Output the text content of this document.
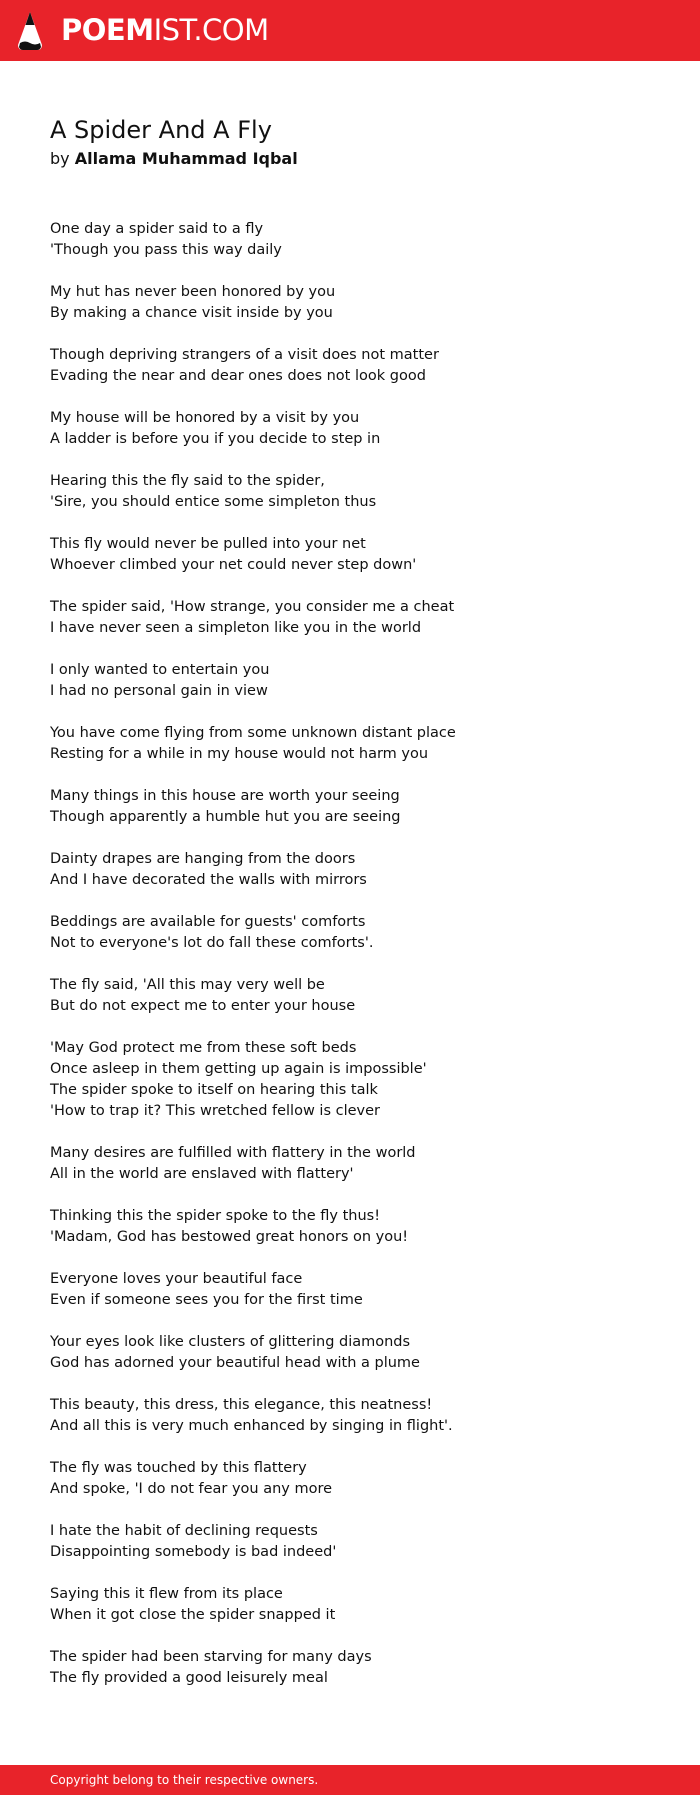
POEMIST.COM
A Spider And A Fly
by Allama Muhammad Iqbal
One day a spider said to a fly
'Though you pass this way daily
My hut has never been honored by you
By making a chance visit inside by you
Though depriving strangers of a visit does not matter
Evading the near and dear ones does not look good
My house will be honored by a visit by you
A ladder is before you if you decide to step in
Hearing this the fly said to the spider,
'Sire, you should entice some simpleton thus
This fly would never be pulled into your net
Whoever climbed your net could never step down'
The spider said, 'How strange, you consider me a cheat
I have never seen a simpleton like you in the world
I only wanted to entertain you
I had no personal gain in view
You have come flying from some unknown distant place
Resting for a while in my house would not harm you
Many things in this house are worth your seeing
Though apparently a humble hut you are seeing
Dainty drapes are hanging from the doors
And I have decorated the walls with mirrors
Beddings are available for guests' comforts
Not to everyone's lot do fall these comforts'.
The fly said, 'All this may very well be
But do not expect me to enter your house
'May God protect me from these soft beds
Once asleep in them getting up again is impossible'
The spider spoke to itself on hearing this talk
'How to trap it? This wretched fellow is clever
Many desires are fulfilled with flattery in the world
All in the world are enslaved with flattery'
Thinking this the spider spoke to the fly thus!
'Madam, God has bestowed great honors on you!
Everyone loves your beautiful face
Even if someone sees you for the first time
Your eyes look like clusters of glittering diamonds
God has adorned your beautiful head with a plume
This beauty, this dress, this elegance, this neatness!
And all this is very much enhanced by singing in flight'.
The fly was touched by this flattery
And spoke, 'I do not fear you any more
I hate the habit of declining requests
Disappointing somebody is bad indeed'
Saying this it flew from its place
When it got close the spider snapped it
The spider had been starving for many days
The fly provided a good leisurely meal
Copyright belong to their respective owners.
